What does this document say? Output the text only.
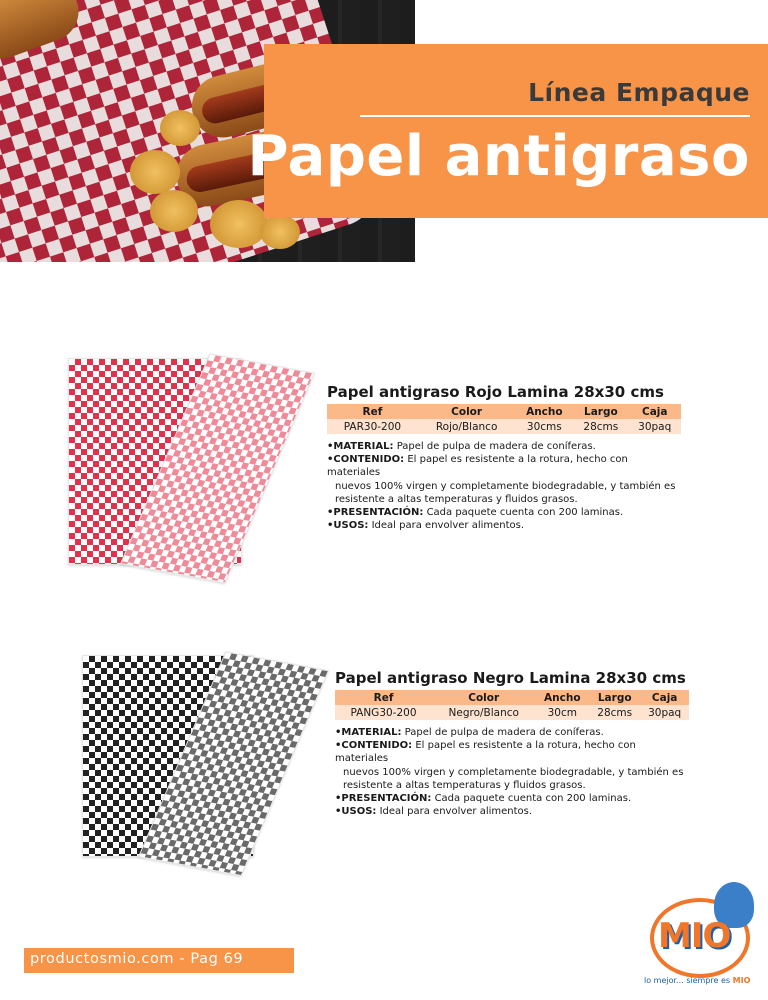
Línea Empaque
Papel antigraso
Papel antigraso Rojo Lamina 28x30 cms
Ref	Color	Ancho	Largo	Caja
PAR30-200	Rojo/Blanco	30cms	28cms	30paq
•MATERIAL: Papel de pulpa de madera de coníferas.
•CONTENIDO: El papel es resistente a la rotura, hecho con materiales
nuevos 100% virgen y completamente biodegradable, y también es
resistente a altas temperaturas y fluidos grasos.
•PRESENTACIÓN: Cada paquete cuenta con 200 laminas.
•USOS: Ideal para envolver alimentos.
Papel antigraso Negro Lamina 28x30 cms
Ref	Color	Ancho	Largo	Caja
PANG30-200	Negro/Blanco	30cm	28cms	30paq
•MATERIAL: Papel de pulpa de madera de coníferas.
•CONTENIDO: El papel es resistente a la rotura, hecho con materiales
nuevos 100% virgen y completamente biodegradable, y también es
resistente a altas temperaturas y fluidos grasos.
•PRESENTACIÓN: Cada paquete cuenta con 200 laminas.
•USOS: Ideal para envolver alimentos.
productosmio.com - Pag 69
MIO
lo mejor... siempre es MIO
